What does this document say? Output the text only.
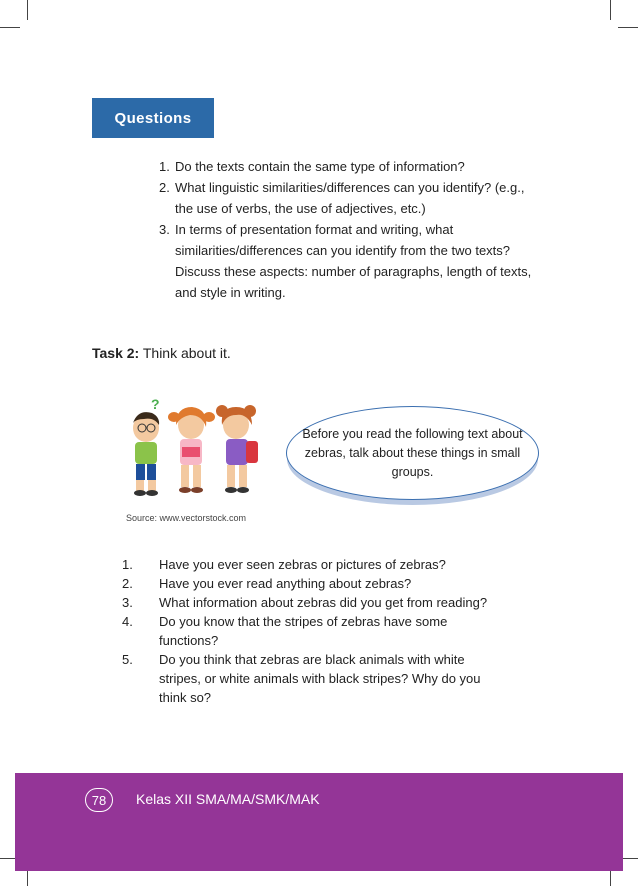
Questions
1. Do the texts contain the same type of information?
2. What linguistic similarities/differences can you identify? (e.g., the use of verbs, the use of adjectives, etc.)
3. In terms of presentation format and writing, what similarities/differences can you identify from the two texts? Discuss these aspects: number of paragraphs, length of texts, and style in writing.
Task 2: Think about it.
?
Before you read the following text about zebras, talk about these things in small groups.
Source: www.vectorstock.com
1.	Have you ever seen zebras or pictures of zebras?
2.	Have you ever read anything about zebras?
3.	What information about zebras did you get from reading?
4.	Do you know that the stripes of zebras have some functions?
5.	Do you think that zebras are black animals with white stripes, or white animals with black stripes? Why do you think so?
78	Kelas XII SMA/MA/SMK/MAK
